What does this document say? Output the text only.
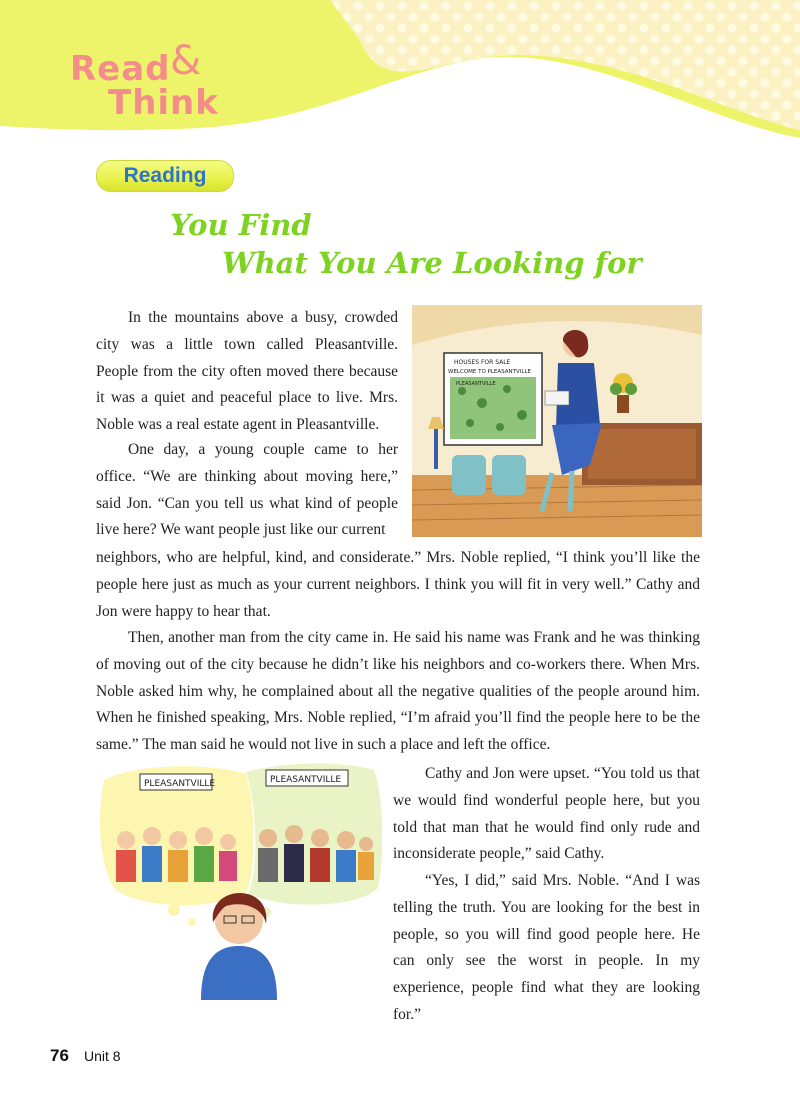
Read &
Think
Reading
You Find
What You Are Looking for

In the mountains above a busy, crowded city was a little town called Pleasantville. People from the city often moved there because it was a quiet and peaceful place to live. Mrs. Noble was a real estate agent in Pleasantville.

One day, a young couple came to her office. “We are thinking about moving here,” said Jon. “Can you tell us what kind of people live here? We want people just like our current

neighbors, who are helpful, kind, and considerate.” Mrs. Noble replied, “I think you’ll like the people here just as much as your current neighbors. I think you will fit in very well.” Cathy and Jon were happy to hear that.

Then, another man from the city came in. He said his name was Frank and he was thinking of moving out of the city because he didn’t like his neighbors and co-workers there. When Mrs. Noble asked him why, he complained about all the negative qualities of the people around him. When he finished speaking, Mrs. Noble replied, “I’m afraid you’ll find the people here to be the same.” The man said he would not live in such a place and left the office.

Cathy and Jon were upset. “You told us that we would find wonderful people here, but you told that man that he would find only rude and inconsiderate people,” said Cathy.

“Yes, I did,” said Mrs. Noble. “And I was telling the truth. You are looking for the best in people, so you will find good people here. He can only see the worst in people. In my experience, people find what they are looking for.”

HOUSES FOR SALE
WELCOME TO PLEASANTVILLE
PLEASANTVILLE
PLEASANTVILLE	PLEASANTVILLE
76 Unit 8
